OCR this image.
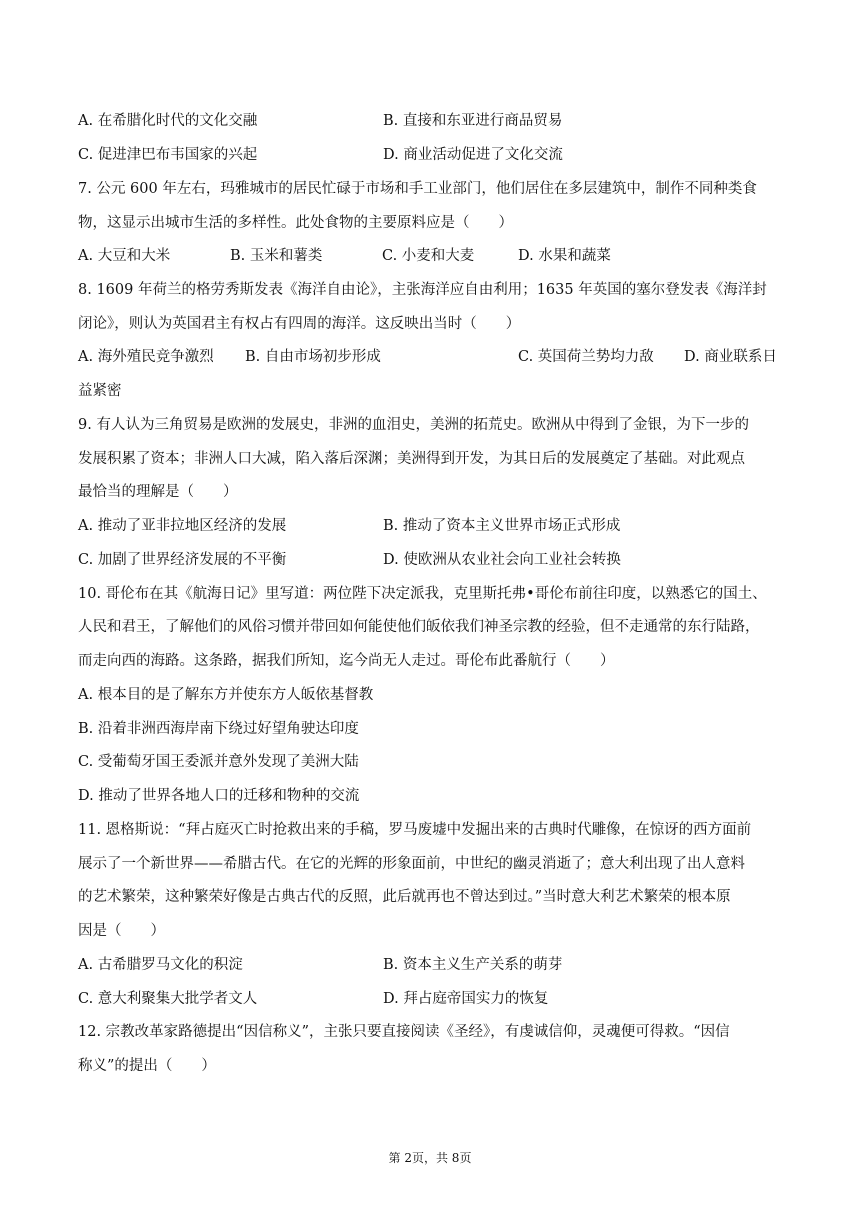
A. 在希腊化时代的文化交融	B. 直接和东亚进行商品贸易
C. 促进津巴布韦国家的兴起	D. 商业活动促进了文化交流
7. 公元 600 年左右，玛雅城市的居民忙碌于市场和手工业部门，他们居住在多层建筑中，制作不同种类食
物，这显示出城市生活的多样性。此处食物的主要原料应是（　　）
A. 大豆和大米	B. 玉米和薯类	C. 小麦和大麦	D. 水果和蔬菜
8. 1609 年荷兰的格劳秀斯发表《海洋自由论》，主张海洋应自由利用；1635 年英国的塞尔登发表《海洋封
闭论》，则认为英国君主有权占有四周的海洋。这反映出当时（　　）
A. 海外殖民竞争激烈 B. 自由市场初步形成	C. 英国荷兰势均力敌 D. 商业联系日
益紧密
9. 有人认为三角贸易是欧洲的发展史，非洲的血泪史，美洲的拓荒史。欧洲从中得到了金银，为下一步的
发展积累了资本；非洲人口大减，陷入落后深渊；美洲得到开发，为其日后的发展奠定了基础。对此观点
最恰当的理解是（　　）
A. 推动了亚非拉地区经济的发展	B. 推动了资本主义世界市场正式形成
C. 加剧了世界经济发展的不平衡	D. 使欧洲从农业社会向工业社会转换
10. 哥伦布在其《航海日记》里写道：两位陛下决定派我，克里斯托弗•哥伦布前往印度，以熟悉它的国土、
人民和君王，了解他们的风俗习惯并带回如何能使他们皈依我们神圣宗教的经验，但不走通常的东行陆路，
而走向西的海路。这条路，据我们所知，迄今尚无人走过。哥伦布此番航行（　　）
A. 根本目的是了解东方并使东方人皈依基督教
B. 沿着非洲西海岸南下绕过好望角驶达印度
C. 受葡萄牙国王委派并意外发现了美洲大陆
D. 推动了世界各地人口的迁移和物种的交流
11. 恩格斯说：“拜占庭灭亡时抢救出来的手稿，罗马废墟中发掘出来的古典时代雕像，在惊讶的西方面前
展示了一个新世界——希腊古代。在它的光辉的形象面前，中世纪的幽灵消逝了；意大利出现了出人意料
的艺术繁荣，这种繁荣好像是古典古代的反照，此后就再也不曾达到过。”当时意大利艺术繁荣的根本原
因是（　　）
A. 古希腊罗马文化的积淀	B. 资本主义生产关系的萌芽
C. 意大利聚集大批学者文人	D. 拜占庭帝国实力的恢复
12. 宗教改革家路德提出“因信称义”，主张只要直接阅读《圣经》，有虔诚信仰，灵魂便可得救。“因信
称义”的提出（　　）
第 2页，共 8页
